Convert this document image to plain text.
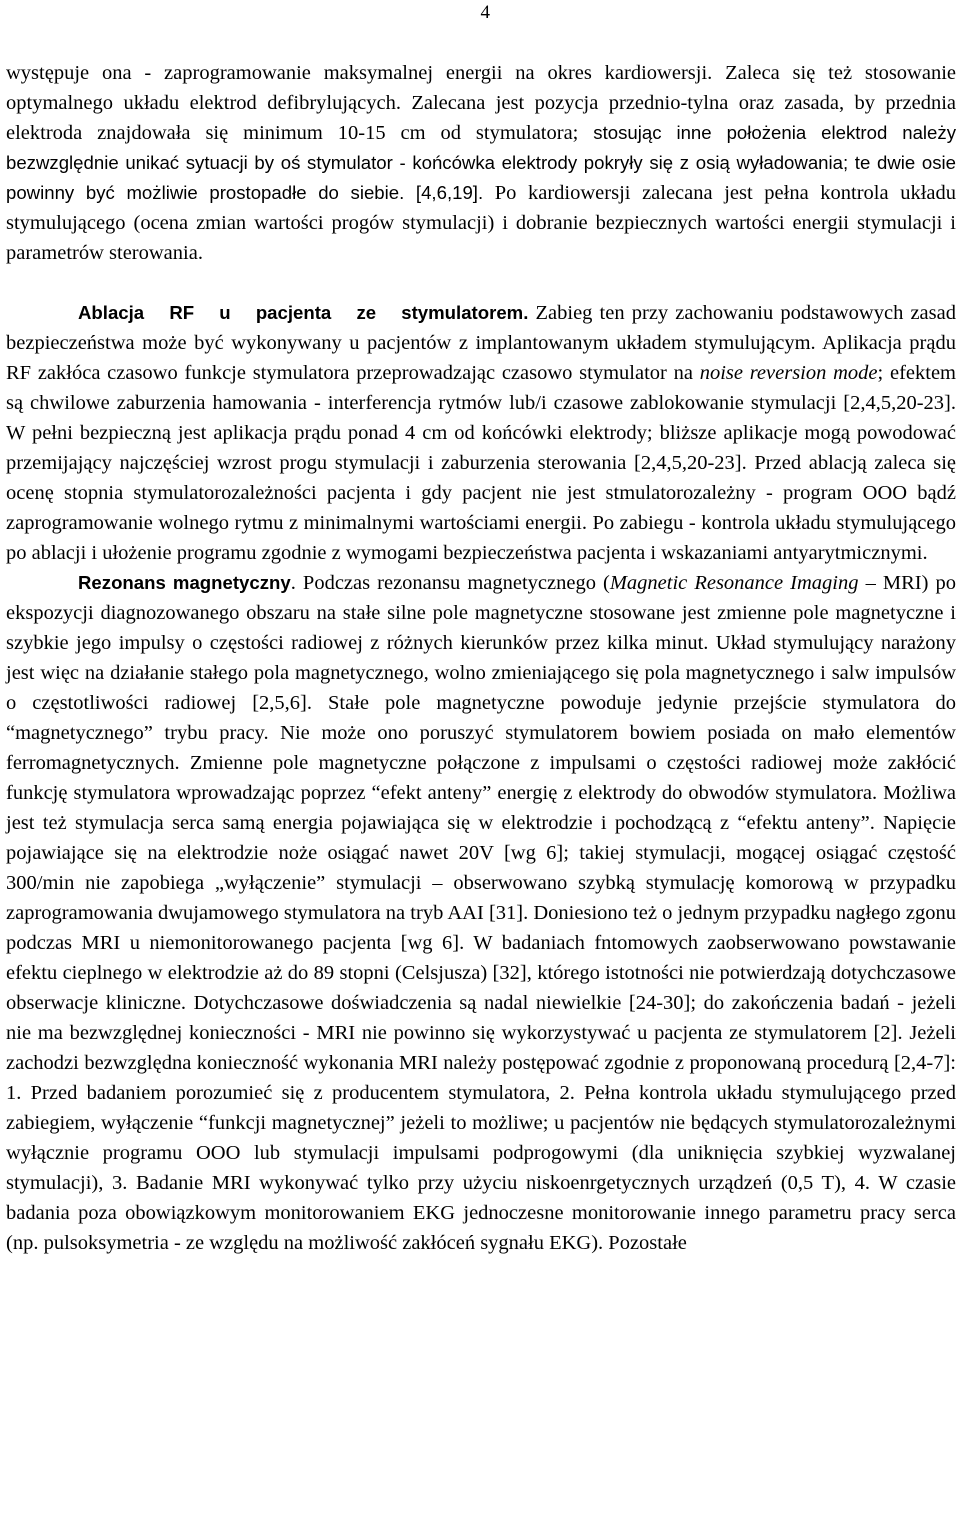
4

występuje ona - zaprogramowanie maksymalnej energii na okres kardiowersji. Zaleca się też stosowanie optymalnego układu elektrod defibrylujących. Zalecana jest pozycja przednio-tylna oraz zasada, by przednia elektroda znajdowała się minimum 10-15 cm od stymulatora; stosując inne położenia elektrod należy bezwzględnie unikać sytuacji by oś stymulator - końcówka elektrody pokryły się z osią wyładowania; te dwie osie powinny być możliwie prostopadłe do siebie. [4,6,19]. Po kardiowersji zalecana jest pełna kontrola układu stymulującego (ocena zmian wartości progów stymulacji) i dobranie bezpiecznych wartości energii stymulacji i parametrów sterowania.

Ablacja RF u pacjenta ze stymulatorem. Zabieg ten przy zachowaniu podstawowych zasad bezpieczeństwa może być wykonywany u pacjentów z implantowanym układem stymulującym. Aplikacja prądu RF zakłóca czasowo funkcje stymulatora przeprowadzając czasowo stymulator na noise reversion mode; efektem są chwilowe zaburzenia hamowania - interferencja rytmów lub/i czasowe zablokowanie stymulacji [2,4,5,20-23]. W pełni bezpieczną jest aplikacja prądu ponad 4 cm od końcówki elektrody; bliższe aplikacje mogą powodować przemijający najczęściej wzrost progu stymulacji i zaburzenia sterowania [2,4,5,20-23]. Przed ablacją zaleca się ocenę stopnia stymulatorozależności pacjenta i gdy pacjent nie jest stmulatorozależny - program OOO bądź zaprogramowanie wolnego rytmu z minimalnymi wartościami energii. Po zabiegu - kontrola układu stymulującego po ablacji i ułożenie programu zgodnie z wymogami bezpieczeństwa pacjenta i wskazaniami antyarytmicznymi.

Rezonans magnetyczny. Podczas rezonansu magnetycznego (Magnetic Resonance Imaging – MRI) po ekspozycji diagnozowanego obszaru na stałe silne pole magnetyczne stosowane jest zmienne pole magnetyczne i szybkie jego impulsy o częstości radiowej z różnych kierunków przez kilka minut. Układ stymulujący narażony jest więc na działanie stałego pola magnetycznego, wolno zmieniającego się pola magnetycznego i salw impulsów o częstotliwości radiowej [2,5,6]. Stałe pole magnetyczne powoduje jedynie przejście stymulatora do “magnetycznego” trybu pracy. Nie może ono poruszyć stymulatorem bowiem posiada on mało elementów ferromagnetycznych. Zmienne pole magnetyczne połączone z impulsami o częstości radiowej może zakłócić funkcję stymulatora wprowadzając poprzez “efekt anteny” energię z elektrody do obwodów stymulatora. Możliwa jest też stymulacja serca samą energia pojawiająca się w elektrodzie i pochodzącą z “efektu anteny”. Napięcie pojawiające się na elektrodzie noże osiągać nawet 20V [wg 6]; takiej stymulacji, mogącej osiągać częstość 300/min nie zapobiega „wyłączenie” stymulacji – obserwowano szybką stymulację komorową w przypadku zaprogramowania dwujamowego stymulatora na tryb AAI [31]. Doniesiono też o jednym przypadku nagłego zgonu podczas MRI u niemonitorowanego pacjenta [wg 6]. W badaniach fntomowych zaobserwowano powstawanie efektu cieplnego w elektrodzie aż do 89 stopni (Celsjusza) [32], którego istotności nie potwierdzają dotychczasowe obserwacje kliniczne. Dotychczasowe doświadczenia są nadal niewielkie [24-30]; do zakończenia badań - jeżeli nie ma bezwzględnej konieczności - MRI nie powinno się wykorzystywać u pacjenta ze stymulatorem [2]. Jeżeli zachodzi bezwzględna konieczność wykonania MRI należy postępować zgodnie z proponowaną procedurą [2,4-7]: 1. Przed badaniem porozumieć się z producentem stymulatora, 2. Pełna kontrola układu stymulującego przed zabiegiem, wyłączenie “funkcji magnetycznej” jeżeli to możliwe; u pacjentów nie będących stymulatorozależnymi wyłącznie programu OOO lub stymulacji impulsami podprogowymi (dla uniknięcia szybkiej wyzwalanej stymulacji), 3. Badanie MRI wykonywać tylko przy użyciu niskoenrgetycznych urządzeń (0,5 T), 4. W czasie badania poza obowiązkowym monitorowaniem EKG jednoczesne monitorowanie innego parametru pracy serca (np. pulsoksymetria - ze względu na możliwość zakłóceń sygnału EKG). Pozostałe
